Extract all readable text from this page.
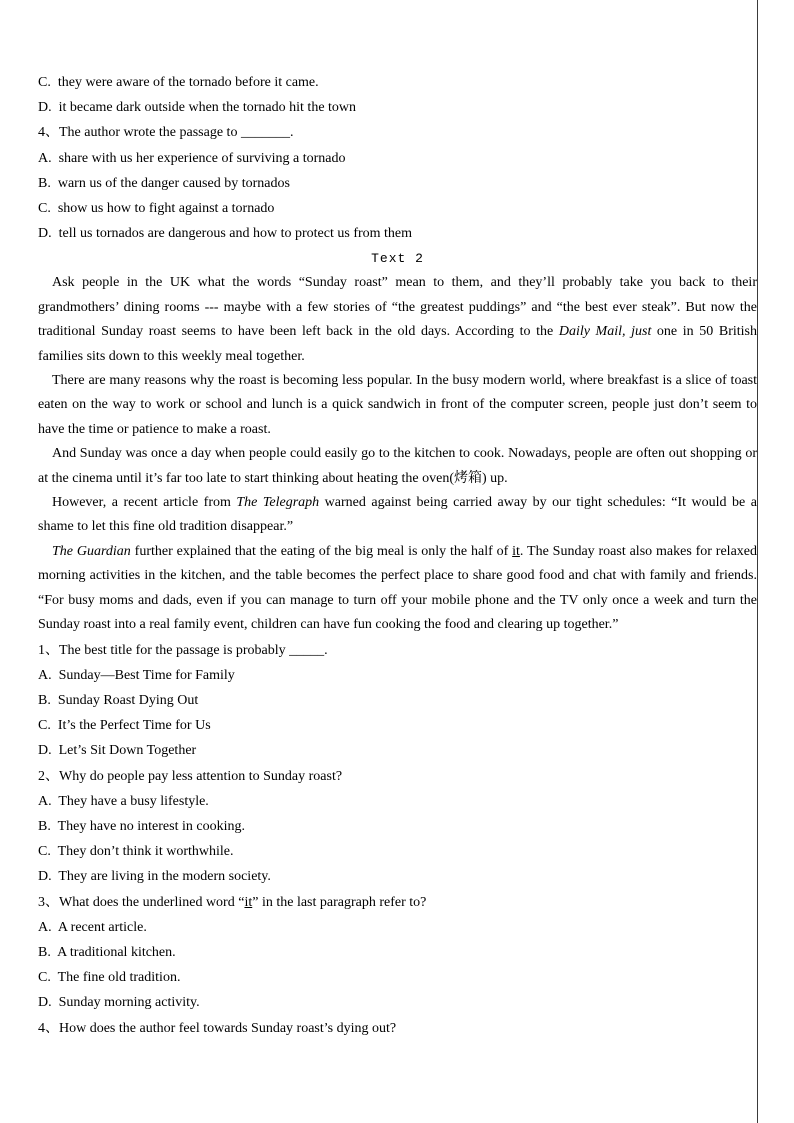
C.  they were aware of the tornado before it came.
D.  it became dark outside when the tornado hit the town
4、The author wrote the passage to _______.
A.  share with us her experience of surviving a tornado
B.  warn us of the danger caused by tornados
C.  show us how to fight against a tornado
D.  tell us tornados are dangerous and how to protect us from them
Text 2

Ask people in the UK what the words “Sunday roast” mean to them, and they’ll probably take you back to their grandmothers’ dining rooms --- maybe with a few stories of “the greatest puddings” and “the best ever steak”. But now the traditional Sunday roast seems to have been left back in the old days. According to the Daily Mail, just one in 50 British families sits down to this weekly meal together.

There are many reasons why the roast is becoming less popular. In the busy modern world, where breakfast is a slice of toast eaten on the way to work or school and lunch is a quick sandwich in front of the computer screen, people just don’t seem to have the time or patience to make a roast.

And Sunday was once a day when people could easily go to the kitchen to cook. Nowadays, people are often out shopping or at the cinema until it’s far too late to start thinking about heating the oven(烤箱) up.

However, a recent article from The Telegraph warned against being carried away by our tight schedules: “It would be a shame to let this fine old tradition disappear.”

The Guardian further explained that the eating of the big meal is only the half of it. The Sunday roast also makes for relaxed morning activities in the kitchen, and the table becomes the perfect place to share good food and chat with family and friends. “For busy moms and dads, even if you can manage to turn off your mobile phone and the TV only once a week and turn the Sunday roast into a real family event, children can have fun cooking the food and clearing up together.”

1、The best title for the passage is probably _____.
A.  Sunday—Best Time for Family
B.  Sunday Roast Dying Out
C.  It’s the Perfect Time for Us
D.  Let’s Sit Down Together
2、Why do people pay less attention to Sunday roast?
A.  They have a busy lifestyle.
B.  They have no interest in cooking.
C.  They don’t think it worthwhile.
D.  They are living in the modern society.
3、What does the underlined word “it” in the last paragraph refer to?
A.  A recent article.
B.  A traditional kitchen.
C.  The fine old tradition.
D.  Sunday morning activity.
4、How does the author feel towards Sunday roast’s dying out?
